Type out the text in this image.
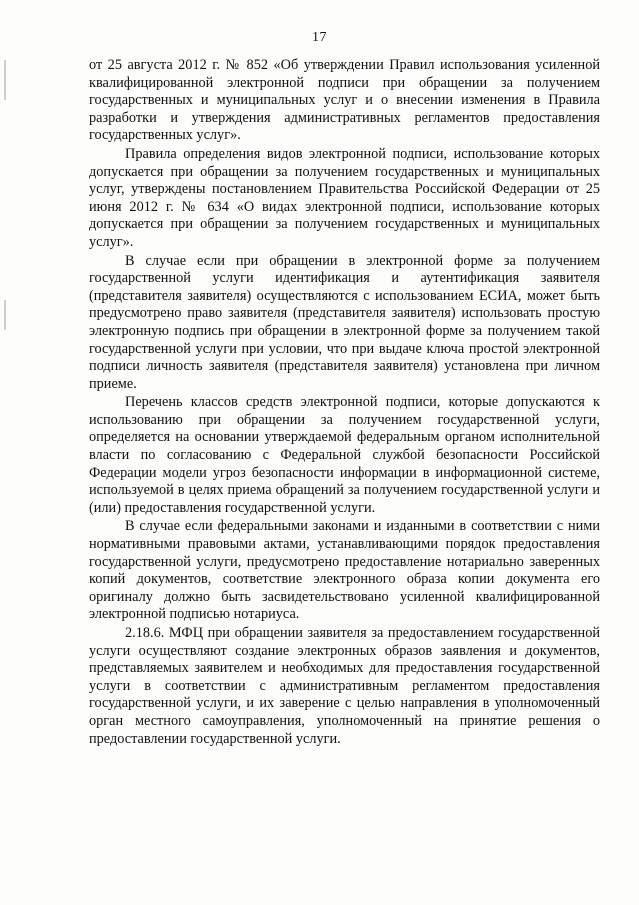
17

от 25 августа 2012 г. № 852 «Об утверждении Правил использования усиленной квалифицированной электронной подписи при обращении за получением государственных и муниципальных услуг и о внесении изменения в Правила разработки и утверждения административных регламентов предоставления государственных услуг».

Правила определения видов электронной подписи, использование которых допускается при обращении за получением государственных и муниципальных услуг, утверждены постановлением Правительства Российской Федерации от 25 июня 2012 г. № 634 «О видах электронной подписи, использование которых допускается при обращении за получением государственных и муниципальных услуг».

В случае если при обращении в электронной форме за получением государственной услуги идентификация и аутентификация заявителя (представителя заявителя) осуществляются с использованием ЕСИА, может быть предусмотрено право заявителя (представителя заявителя) использовать простую электронную подпись при обращении в электронной форме за получением такой государственной услуги при условии, что при выдаче ключа простой электронной подписи личность заявителя (представителя заявителя) установлена при личном приеме.

Перечень классов средств электронной подписи, которые допускаются к использованию при обращении за получением государственной услуги, определяется на основании утверждаемой федеральным органом исполнительной власти по согласованию с Федеральной службой безопасности Российской Федерации модели угроз безопасности информации в информационной системе, используемой в целях приема обращений за получением государственной услуги и (или) предоставления государственной услуги.

В случае если федеральными законами и изданными в соответствии с ними нормативными правовыми актами, устанавливающими порядок предоставления государственной услуги, предусмотрено предоставление нотариально заверенных копий документов, соответствие электронного образа копии документа его оригиналу должно быть засвидетельствовано усиленной квалифицированной электронной подписью нотариуса.

2.18.6. МФЦ при обращении заявителя за предоставлением государственной услуги осуществляют создание электронных образов заявления и документов, представляемых заявителем и необходимых для предоставления государственной услуги в соответствии с административным регламентом предоставления государственной услуги, и их заверение с целью направления в уполномоченный орган местного самоуправления, уполномоченный на принятие решения о предоставлении государственной услуги.
